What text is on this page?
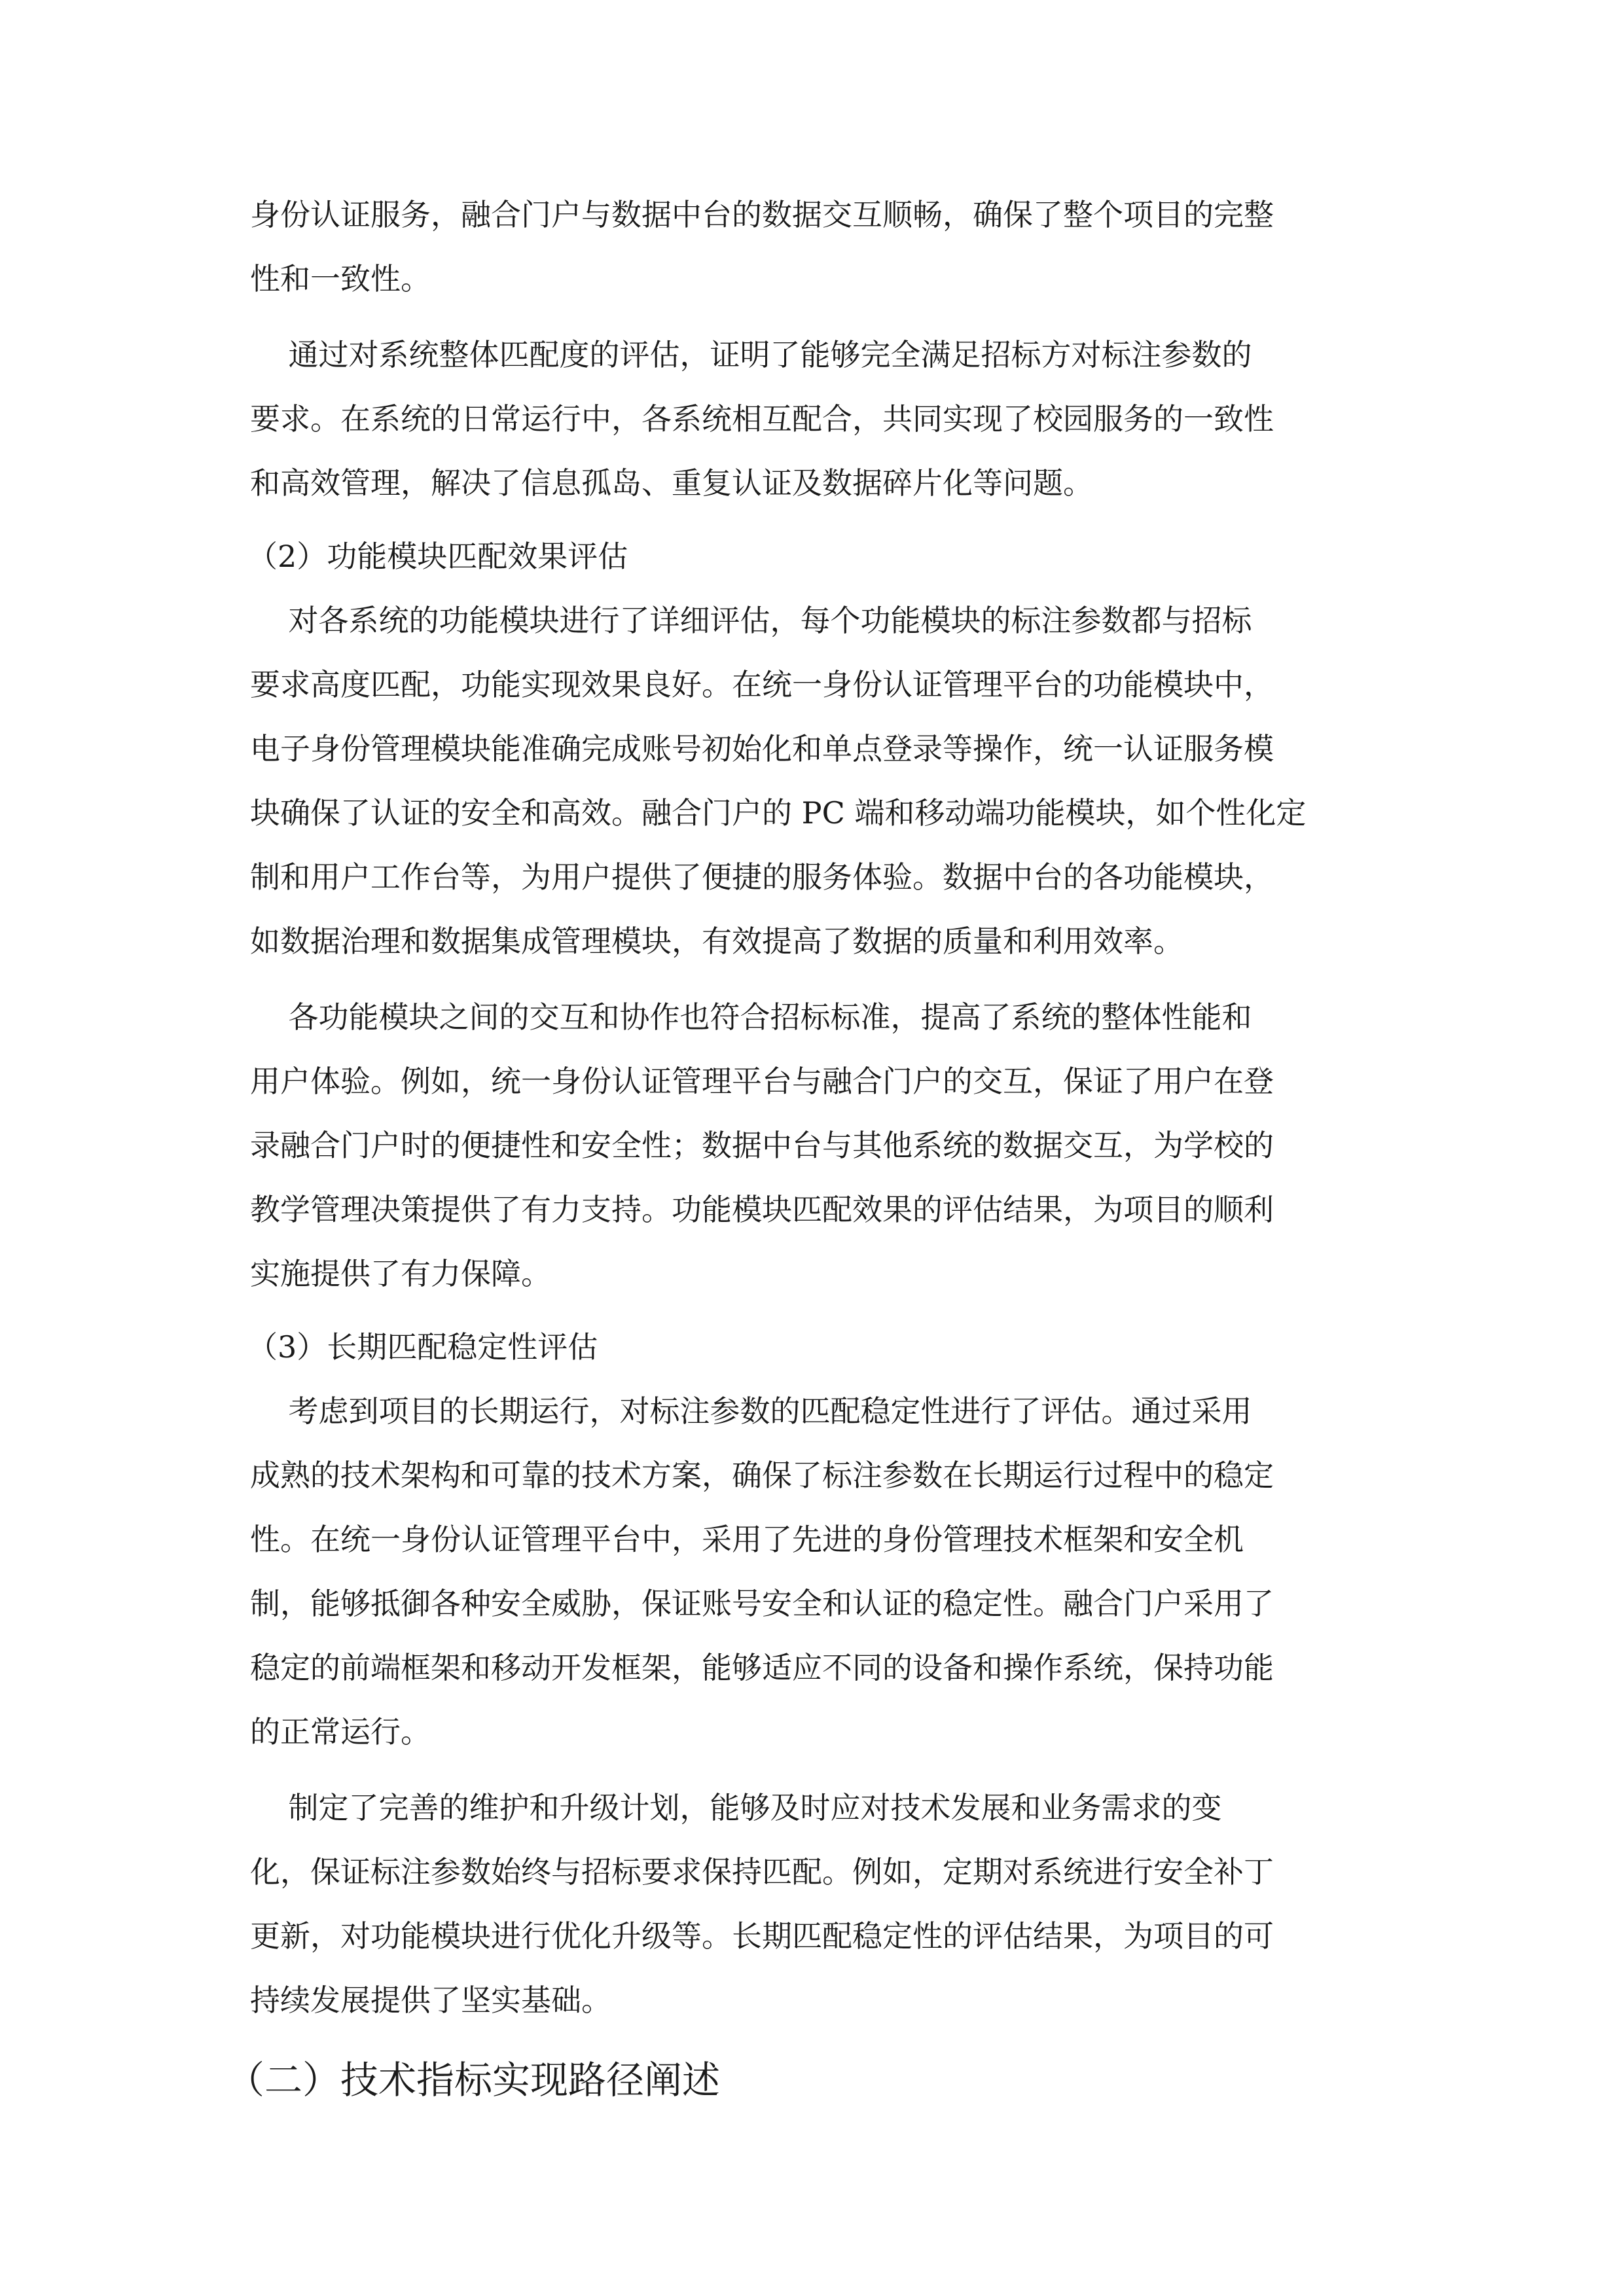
身份认证服务，融合门户与数据中台的数据交互顺畅，确保了整个项目的完整
性和一致性。
通过对系统整体匹配度的评估，证明了能够完全满足招标方对标注参数的
要求。在系统的日常运行中，各系统相互配合，共同实现了校园服务的一致性
和高效管理，解决了信息孤岛、重复认证及数据碎片化等问题。
（2）功能模块匹配效果评估
对各系统的功能模块进行了详细评估，每个功能模块的标注参数都与招标
要求高度匹配，功能实现效果良好。在统一身份认证管理平台的功能模块中，
电子身份管理模块能准确完成账号初始化和单点登录等操作，统一认证服务模
块确保了认证的安全和高效。融合门户的 PC 端和移动端功能模块，如个性化定
制和用户工作台等，为用户提供了便捷的服务体验。数据中台的各功能模块，
如数据治理和数据集成管理模块，有效提高了数据的质量和利用效率。
各功能模块之间的交互和协作也符合招标标准，提高了系统的整体性能和
用户体验。例如，统一身份认证管理平台与融合门户的交互，保证了用户在登
录融合门户时的便捷性和安全性；数据中台与其他系统的数据交互，为学校的
教学管理决策提供了有力支持。功能模块匹配效果的评估结果，为项目的顺利
实施提供了有力保障。
（3）长期匹配稳定性评估
考虑到项目的长期运行，对标注参数的匹配稳定性进行了评估。通过采用
成熟的技术架构和可靠的技术方案，确保了标注参数在长期运行过程中的稳定
性。在统一身份认证管理平台中，采用了先进的身份管理技术框架和安全机
制，能够抵御各种安全威胁，保证账号安全和认证的稳定性。融合门户采用了
稳定的前端框架和移动开发框架，能够适应不同的设备和操作系统，保持功能
的正常运行。
制定了完善的维护和升级计划，能够及时应对技术发展和业务需求的变
化，保证标注参数始终与招标要求保持匹配。例如，定期对系统进行安全补丁
更新，对功能模块进行优化升级等。长期匹配稳定性的评估结果，为项目的可
持续发展提供了坚实基础。
（二）技术指标实现路径阐述
